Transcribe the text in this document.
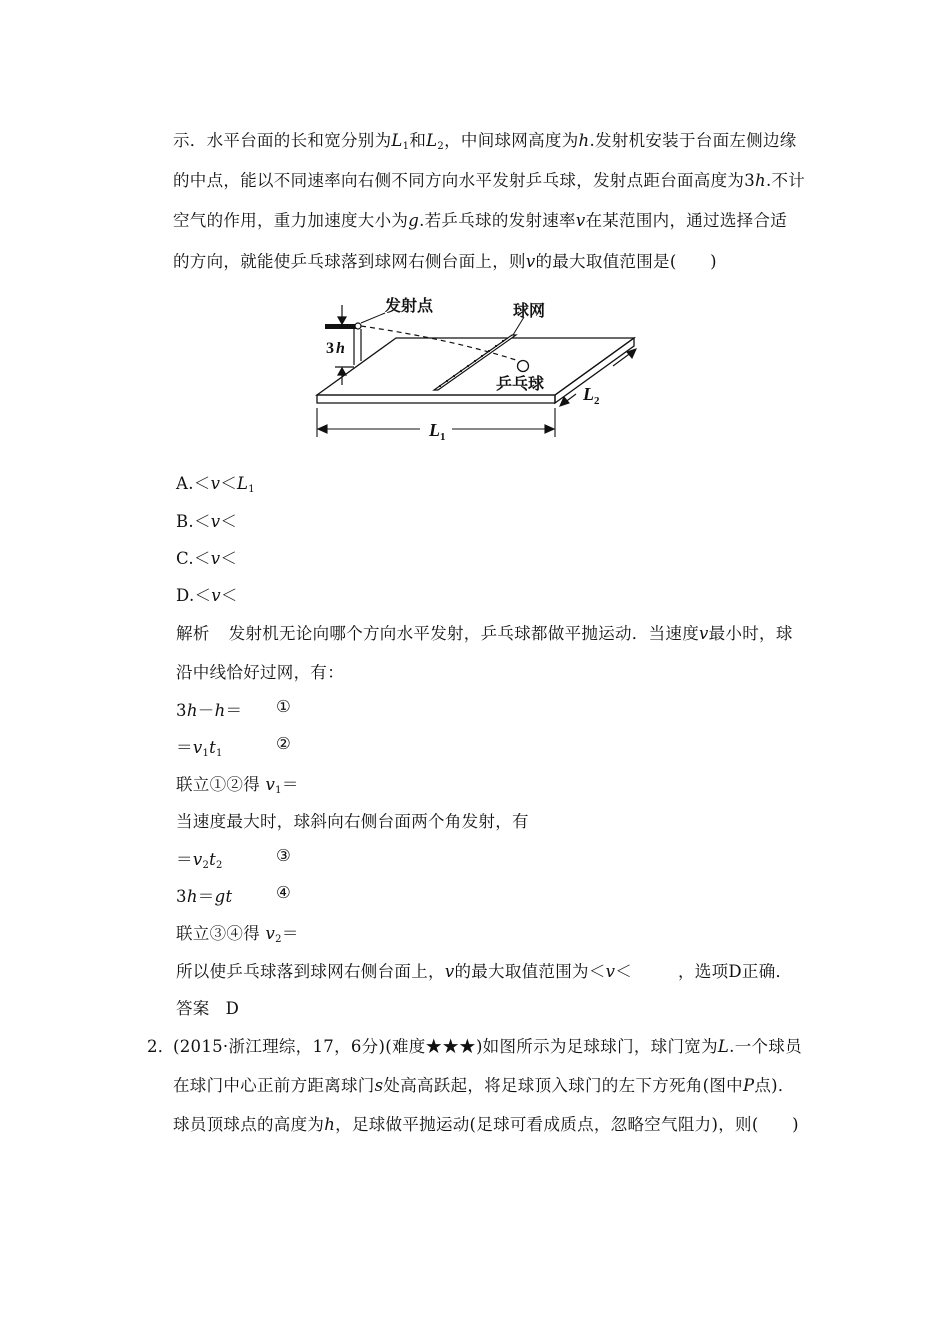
示．水平台面的长和宽分别为$L_1$和$L_2$，中间球网高度为h.发射机安装于台面左侧边缘
的中点，能以不同速率向右侧不同方向水平发射乒乓球，发射点距台面高度为3h.不计
空气的作用，重力加速度大小为g.若乒乓球的发射速率v在某范围内，通过选择合适
的方向，就能使乒乓球落到球网右侧台面上，则v的最大取值范围是(　　)
3 h
$L_1$
$L_2$
发射点	球网
乒乓球
$A.<v<L_1$
B.＜v＜
C.＜v＜
D.＜v＜
解析 发射机无论向哪个方向水平发射，乒乓球都做平抛运动．当速度v最小时，球
沿中线恰好过网，有：
3h－h＝ ①
$=v_1t_1$
②
联立①②得 $v_1=$
当速度最大时，球斜向右侧台面两个角发射，有
$=v_2t_2$
③
3h＝gt	④
联立③④得 $v_2=$
所以使乒乓球落到球网右侧台面上，v的最大取值范围为＜v＜	，选项D正确．
答案 D
2．
(2015·浙江理综，17，6分)(难度★★★)如图所示为足球球门，球门宽为L.一个球员
在球门中心正前方距离球门s处高高跃起，将足球顶入球门的左下方死角(图中P点)．
球员顶球点的高度为h，足球做平抛运动(足球可看成质点，忽略空气阻力)，则(　　)
